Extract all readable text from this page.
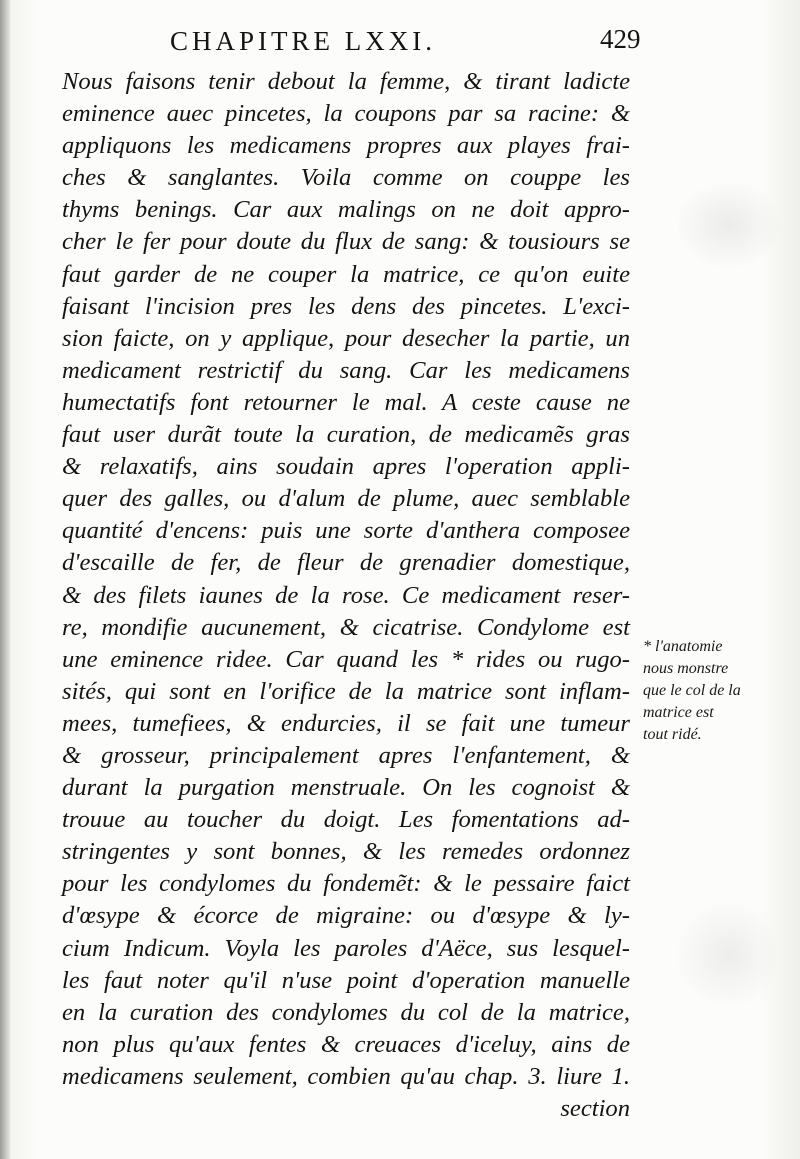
CHAPITRE LXXI.	429
Nous faisons tenir debout la femme, & tirant ladicte
eminence auec pincetes, la coupons par sa racine: &
appliquons les medicamens propres aux playes frai-
ches & sanglantes. Voila comme on couppe les
thyms benings. Car aux malings on ne doit appro-
cher le fer pour doute du flux de sang: & tousiours se
faut garder de ne couper la matrice, ce qu'on euite
faisant l'incision pres les dens des pincetes. L'exci-
sion faicte, on y applique, pour desecher la partie, un
medicament restrictif du sang. Car les medicamens
humectatifs font retourner le mal. A ceste cause ne
faut user durãt toute la curation, de medicamẽs gras
& relaxatifs, ains soudain apres l'operation appli-
quer des galles, ou d'alum de plume, auec semblable
quantité d'encens: puis une sorte d'anthera composee
d'escaille de fer, de fleur de grenadier domestique,
& des filets iaunes de la rose. Ce medicament reser-
re, mondifie aucunement, & cicatrise. Condylome est
une eminence ridee. Car quand les * rides ou rugo-
sités, qui sont en l'orifice de la matrice sont inflam-
mees, tumefiees, & endurcies, il se fait une tumeur
& grosseur, principalement apres l'enfantement, &
durant la purgation menstruale. On les cognoist &
trouue au toucher du doigt. Les fomentations ad-
stringentes y sont bonnes, & les remedes ordonnez
pour les condylomes du fondemẽt: & le pessaire faict
d'œsype & écorce de migraine: ou d'œsype & ly-
cium Indicum. Voyla les paroles d'Aëce, sus lesquel-
les faut noter qu'il n'use point d'operation manuelle
en la curation des condylomes du col de la matrice,
non plus qu'aux fentes & creuaces d'iceluy, ains de
medicamens seulement, combien qu'au chap. 3. liure 1.
section
* l'anatomie
nous monstre
que le col de la
matrice est
tout ridé.
